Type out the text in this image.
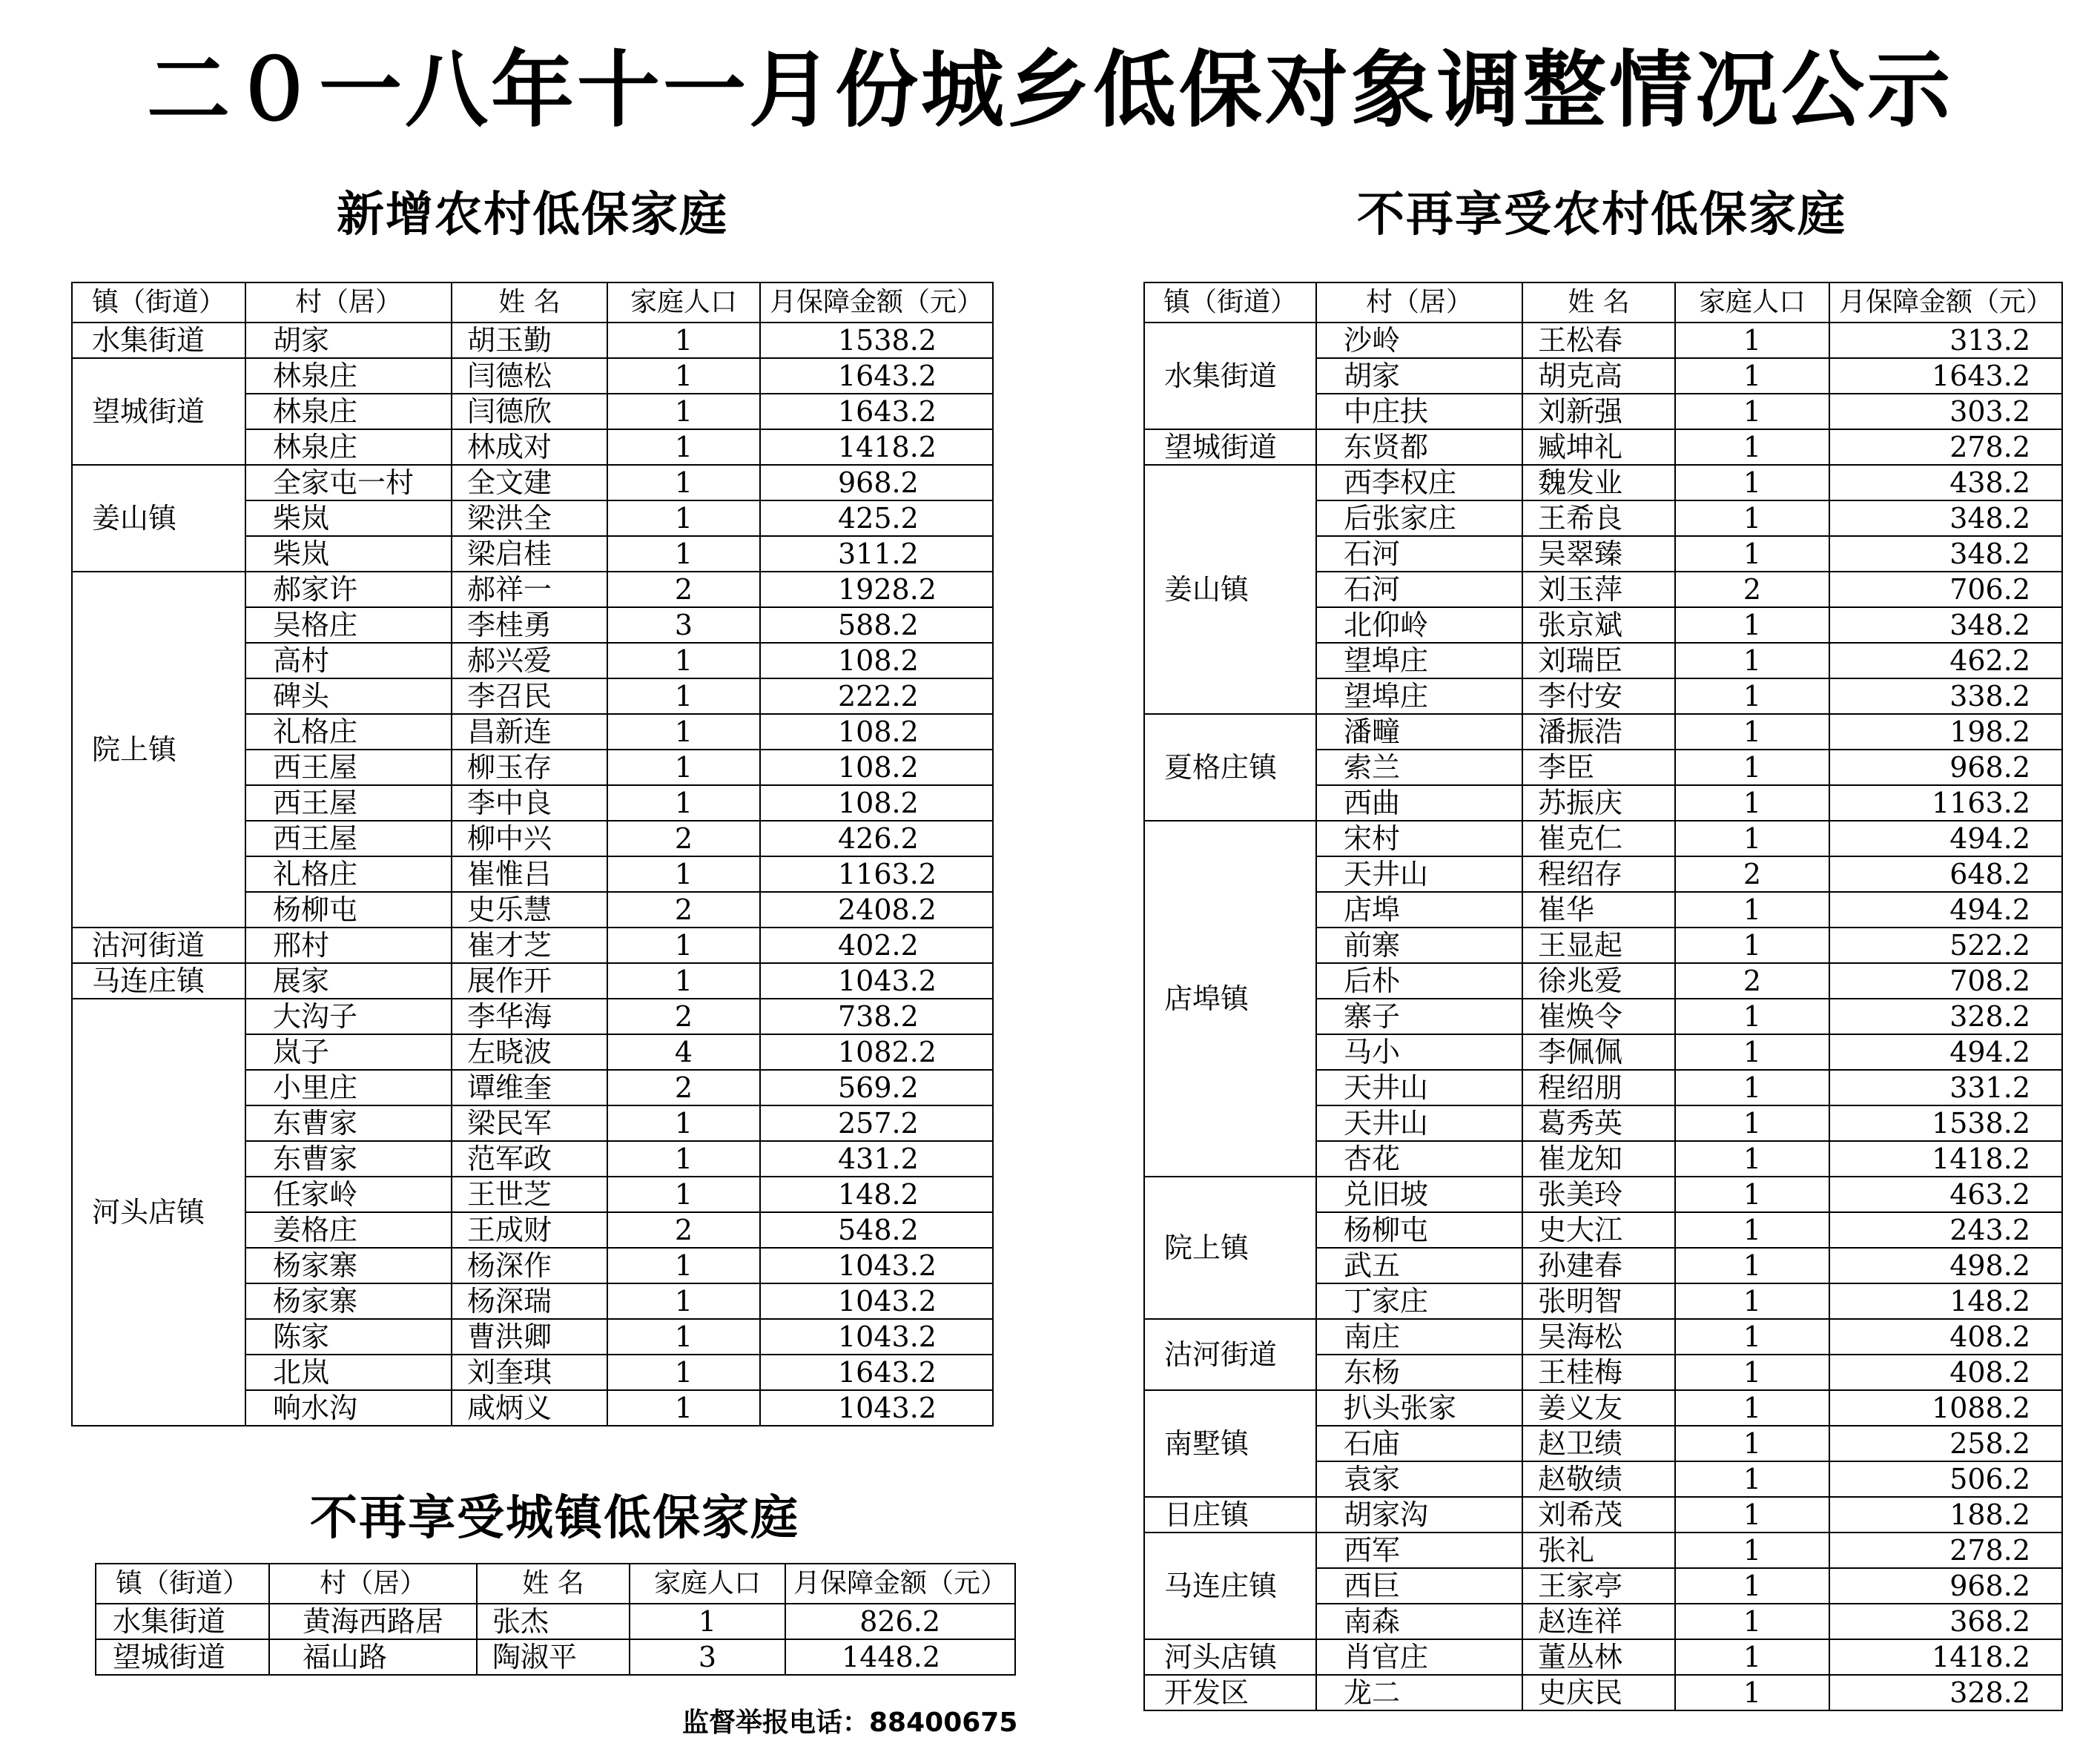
二０一八年十一月份城乡低保对象调整情况公示
新增农村低保家庭
镇（街道）	村（居）	姓 名	家庭人口	月保障金额（元）
水集街道	胡家	胡玉勤	1	1538.2
望城街道	林泉庄	闫德松	1	1643.2
	林泉庄	闫德欣	1	1643.2
	林泉庄	林成对	1	1418.2
姜山镇	全家屯一村	全文建	1	968.2
	柴岚	梁洪全	1	425.2
	柴岚	梁启桂	1	311.2
院上镇	郝家许	郝祥一	2	1928.2
	吴格庄	李桂勇	3	588.2
	高村	郝兴爱	1	108.2
	碑头	李召民	1	222.2
	礼格庄	昌新连	1	108.2
	西王屋	柳玉存	1	108.2
	西王屋	李中良	1	108.2
	西王屋	柳中兴	2	426.2
	礼格庄	崔惟吕	1	1163.2
	杨柳屯	史乐慧	2	2408.2
沽河街道	邢村	崔才芝	1	402.2
马连庄镇	展家	展作开	1	1043.2
河头店镇	大沟子	李华海	2	738.2
	岚子	左晓波	4	1082.2
	小里庄	谭维奎	2	569.2
	东曹家	梁民军	1	257.2
	东曹家	范军政	1	431.2
	任家岭	王世芝	1	148.2
	姜格庄	王成财	2	548.2
	杨家寨	杨深作	1	1043.2
	杨家寨	杨深瑞	1	1043.2
	陈家	曹洪卿	1	1043.2
	北岚	刘奎琪	1	1643.2
	响水沟	咸炳义	1	1043.2
不再享受农村低保家庭
镇（街道）	村（居）	姓 名	家庭人口	月保障金额（元）
水集街道	沙岭	王松春	1	313.2
	胡家	胡克高	1	1643.2
	中庄扶	刘新强	1	303.2
望城街道	东贤都	臧坤礼	1	278.2
姜山镇	西李权庄	魏发业	1	438.2
	后张家庄	王希良	1	348.2
	石河	吴翠臻	1	348.2
	石河	刘玉萍	2	706.2
	北仰岭	张京斌	1	348.2
	望埠庄	刘瑞臣	1	462.2
	望埠庄	李付安	1	338.2
夏格庄镇	潘疃	潘振浩	1	198.2
	索兰	李臣	1	968.2
	西曲	苏振庆	1	1163.2
店埠镇	宋村	崔克仁	1	494.2
	天井山	程绍存	2	648.2
	店埠	崔华	1	494.2
	前寨	王显起	1	522.2
	后朴	徐兆爱	2	708.2
	寨子	崔焕令	1	328.2
	马小	李佩佩	1	494.2
	天井山	程绍朋	1	331.2
	天井山	葛秀英	1	1538.2
	杏花	崔龙知	1	1418.2
院上镇	兑旧坡	张美玲	1	463.2
	杨柳屯	史大江	1	243.2
	武五	孙建春	1	498.2
	丁家庄	张明智	1	148.2
沽河街道	南庄	吴海松	1	408.2
	东杨	王桂梅	1	408.2
南墅镇	扒头张家	姜义友	1	1088.2
	石庙	赵卫绩	1	258.2
	袁家	赵敬绩	1	506.2
日庄镇	胡家沟	刘希茂	1	188.2
马连庄镇	西军	张礼	1	278.2
	西巨	王家亭	1	968.2
	南森	赵连祥	1	368.2
河头店镇	肖官庄	董丛林	1	1418.2
开发区	龙二	史庆民	1	328.2
不再享受城镇低保家庭
镇（街道）	村（居）	姓 名	家庭人口	月保障金额（元）
水集街道	黄海西路居	张杰	1	826.2
望城街道	福山路	陶淑平	3	1448.2
监督举报电话：88400675
